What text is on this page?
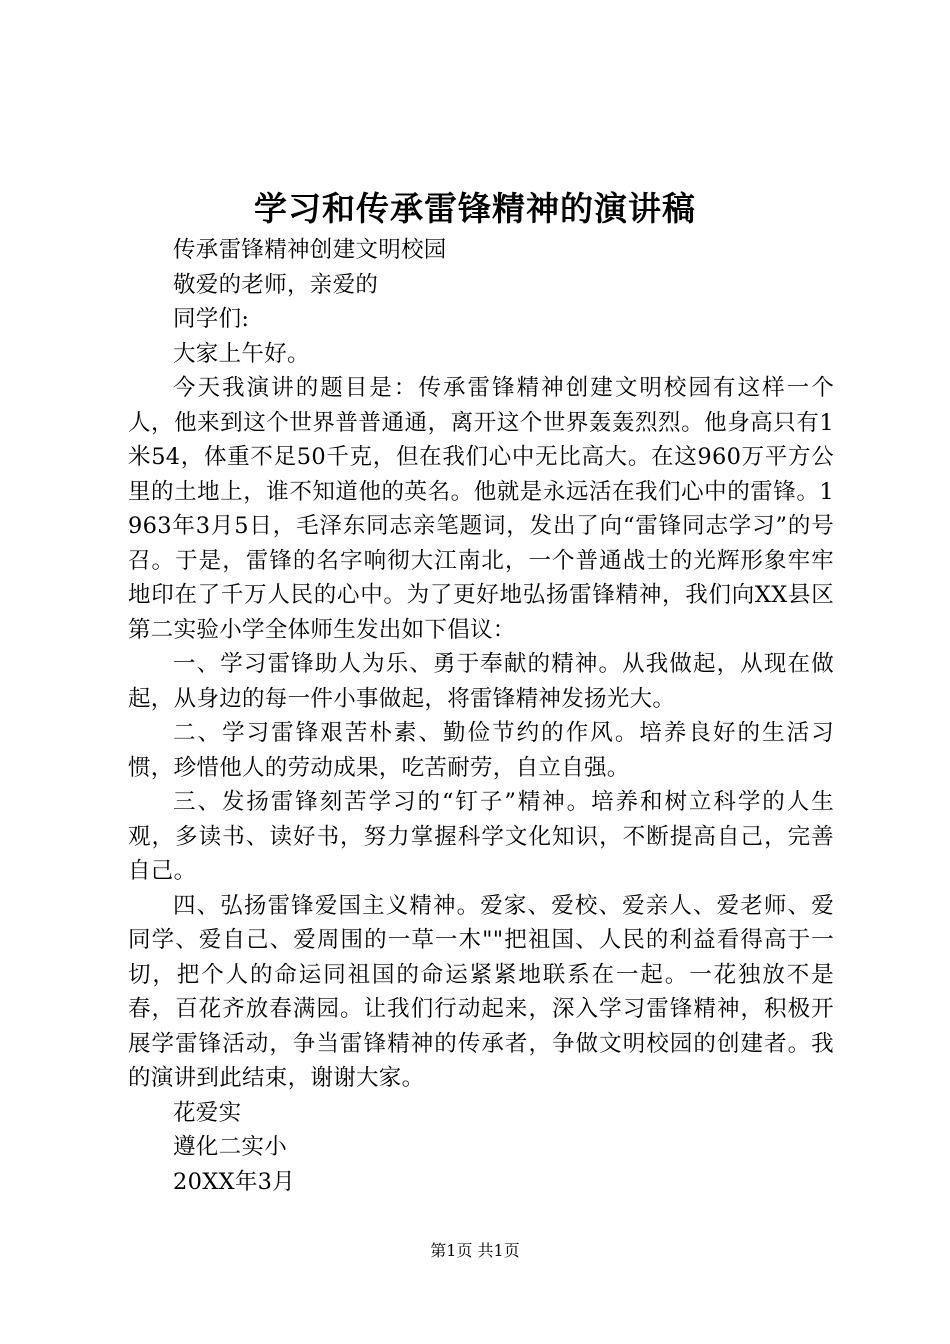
学习和传承雷锋精神的演讲稿

传承雷锋精神创建文明校园

敬爱的老师，亲爱的

同学们:

大家上午好。

今天我演讲的题目是：传承雷锋精神创建文明校园有这样一个人，他来到这个世界普普通通，离开这个世界轰轰烈烈。他身高只有1米54，体重不足50千克，但在我们心中无比高大。在这960万平方公里的土地上，谁不知道他的英名。他就是永远活在我们心中的雷锋。1963年3月5日，毛泽东同志亲笔题词，发出了向“雷锋同志学习”的号召。于是，雷锋的名字响彻大江南北，一个普通战士的光辉形象牢牢地印在了千万人民的心中。为了更好地弘扬雷锋精神，我们向XX县区第二实验小学全体师生发出如下倡议：

一、学习雷锋助人为乐、勇于奉献的精神。从我做起，从现在做起，从身边的每一件小事做起，将雷锋精神发扬光大。

二、学习雷锋艰苦朴素、勤俭节约的作风。培养良好的生活习惯，珍惜他人的劳动成果，吃苦耐劳，自立自强。

三、发扬雷锋刻苦学习的“钉子”精神。培养和树立科学的人生观，多读书、读好书，努力掌握科学文化知识，不断提高自己，完善自己。

四、弘扬雷锋爱国主义精神。爱家、爱校、爱亲人、爱老师、爱同学、爱自己、爱周围的一草一木""把祖国、人民的利益看得高于一切，把个人的命运同祖国的命运紧紧地联系在一起。一花独放不是春，百花齐放春满园。让我们行动起来，深入学习雷锋精神，积极开展学雷锋活动，争当雷锋精神的传承者，争做文明校园的创建者。我的演讲到此结束，谢谢大家。

花爱实

遵化二实小

20XX年3月

第1页 共1页
